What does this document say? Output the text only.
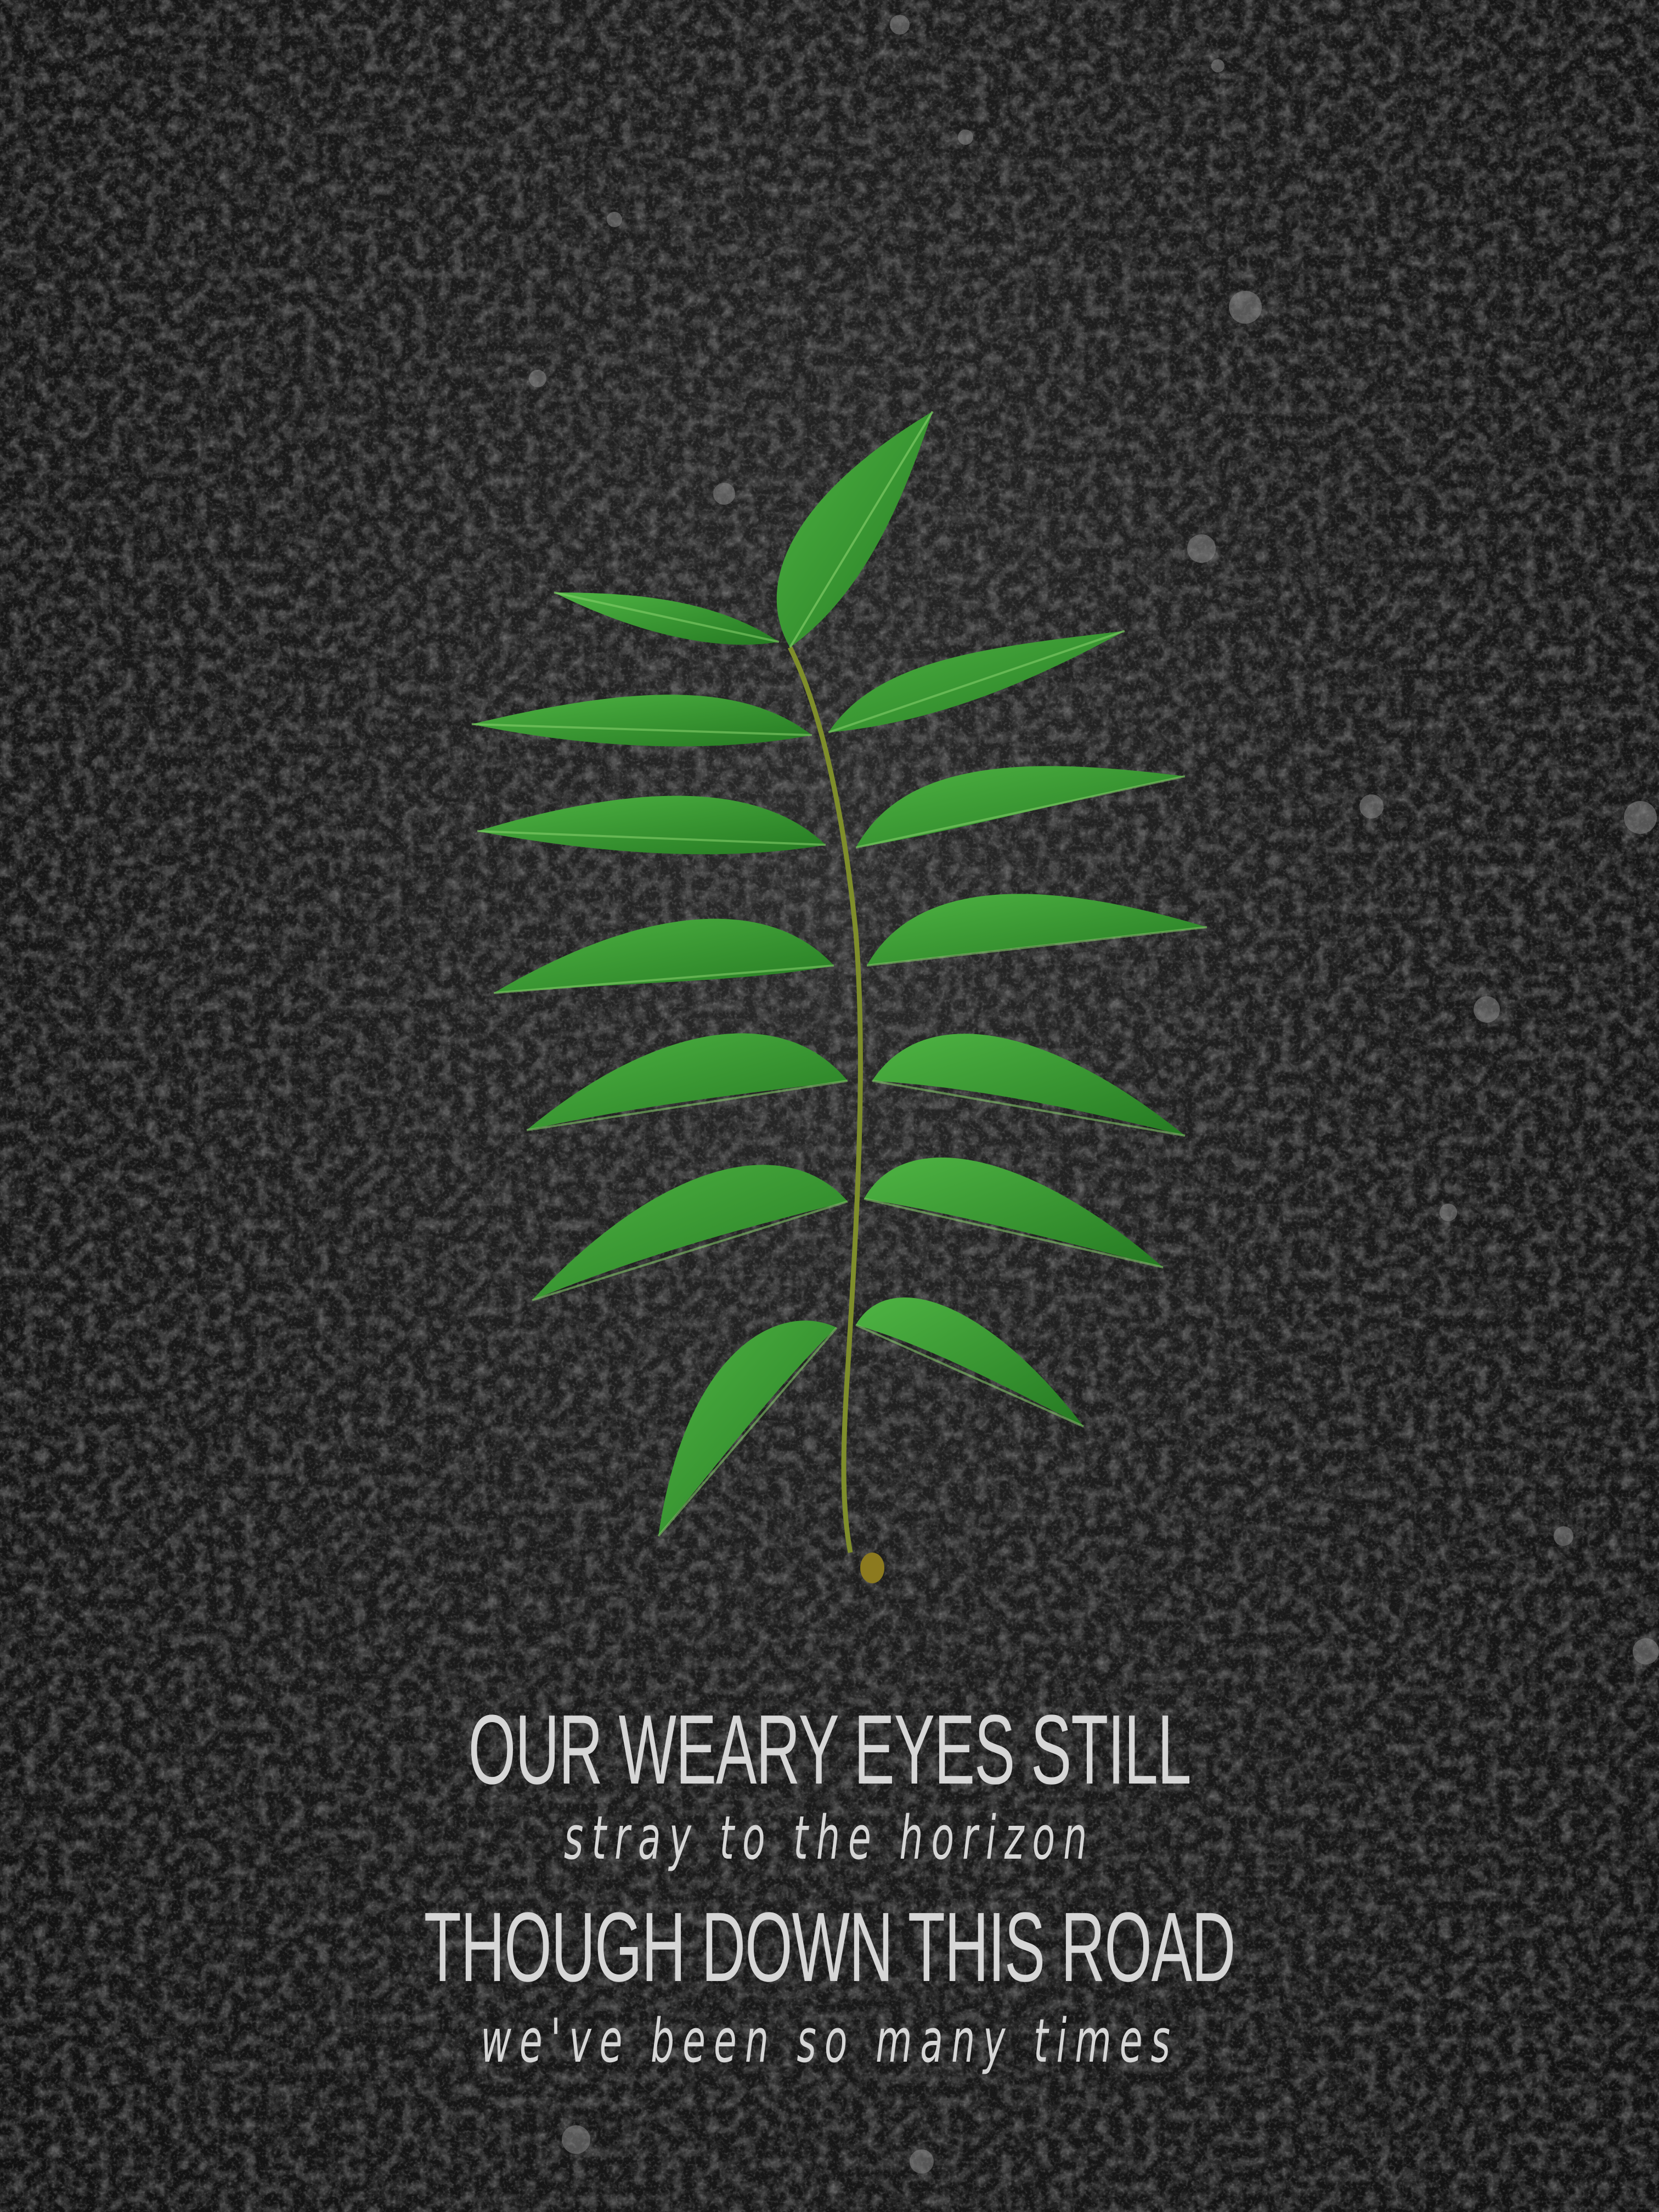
OUR WEARY EYES STILL
stray to the horizon
THOUGH DOWN THIS ROAD
we've been so many times
